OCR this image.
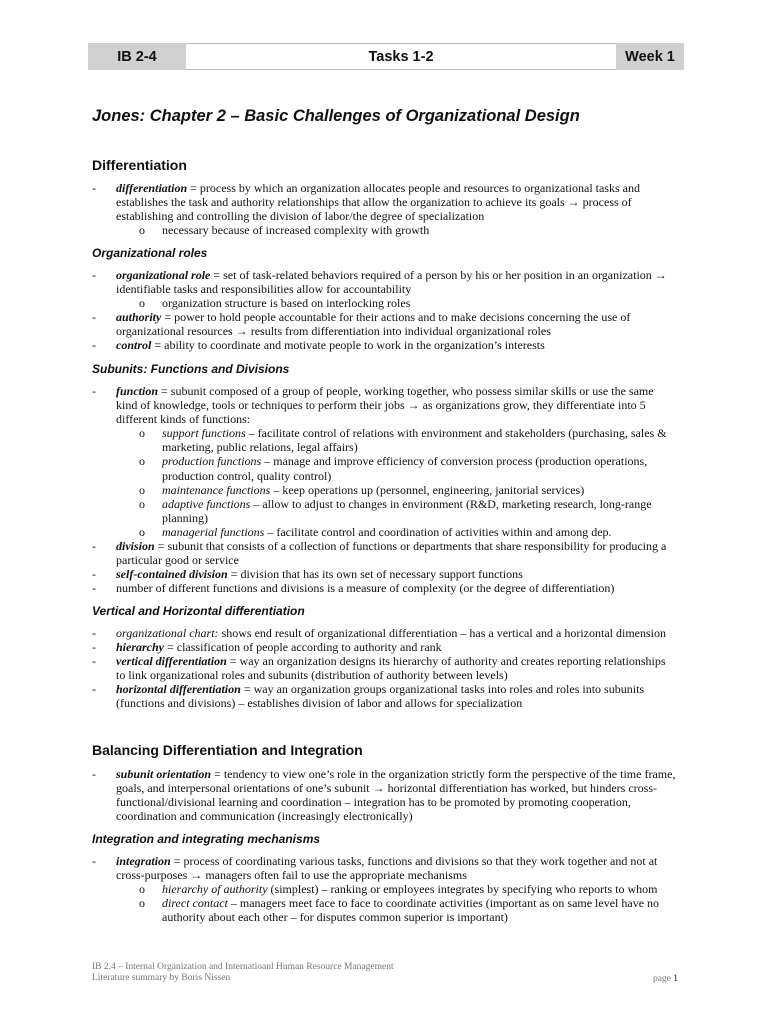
IB 2-4	Tasks 1-2	Week 1
Jones: Chapter 2 – Basic Challenges of Organizational Design
Differentiation
- differentiation = process by which an organization allocates people and resources to organizational tasks and establishes the task and authority relationships that allow the organization to achieve its goals → process of establishing and controlling the division of labor/the degree of specialization
o necessary because of increased complexity with growth
Organizational roles
- organizational role = set of task-related behaviors required of a person by his or her position in an organization → identifiable tasks and responsibilities allow for accountability
o organization structure is based on interlocking roles
- authority = power to hold people accountable for their actions and to make decisions concerning the use of organizational resources → results from differentiation into individual organizational roles
- control = ability to coordinate and motivate people to work in the organization’s interests
Subunits: Functions and Divisions
- function = subunit composed of a group of people, working together, who possess similar skills or use the same kind of knowledge, tools or techniques to perform their jobs → as organizations grow, they differentiate into 5 different kinds of functions:
o support functions – facilitate control of relations with environment and stakeholders (purchasing, sales & marketing, public relations, legal affairs)
o production functions – manage and improve efficiency of conversion process (production operations, production control, quality control)
o maintenance functions – keep operations up (personnel, engineering, janitorial services)
o adaptive functions – allow to adjust to changes in environment (R&D, marketing research, long-range planning)
o managerial functions – facilitate control and coordination of activities within and among dep.
- division = subunit that consists of a collection of functions or departments that share responsibility for producing a particular good or service
- self-contained division = division that has its own set of necessary support functions
- number of different functions and divisions is a measure of complexity (or the degree of differentiation)
Vertical and Horizontal differentiation
- organizational chart: shows end result of organizational differentiation – has a vertical and a horizontal dimension
- hierarchy = classification of people according to authority and rank
- vertical differentiation = way an organization designs its hierarchy of authority and creates reporting relationships to link organizational roles and subunits (distribution of authority between levels)
- horizontal differentiation = way an organization groups organizational tasks into roles and roles into subunits (functions and divisions) – establishes division of labor and allows for specialization
Balancing Differentiation and Integration
- subunit orientation = tendency to view one’s role in the organization strictly form the perspective of the time frame, goals, and interpersonal orientations of one’s subunit → horizontal differentiation has worked, but hinders cross-functional/divisional learning and coordination – integration has to be promoted by promoting cooperation, coordination and communication (increasingly electronically)
Integration and integrating mechanisms
- integration = process of coordinating various tasks, functions and divisions so that they work together and not at cross-purposes → managers often fail to use the appropriate mechanisms
o hierarchy of authority (simplest) – ranking or employees integrates by specifying who reports to whom
o direct contact – managers meet face to face to coordinate activities (important as on same level have no authority about each other – for disputes common superior is important)
IB 2.4 – Internal Organization and Internatioanl Human Resource Management
Literature summary by Boris Nissen	page 1
